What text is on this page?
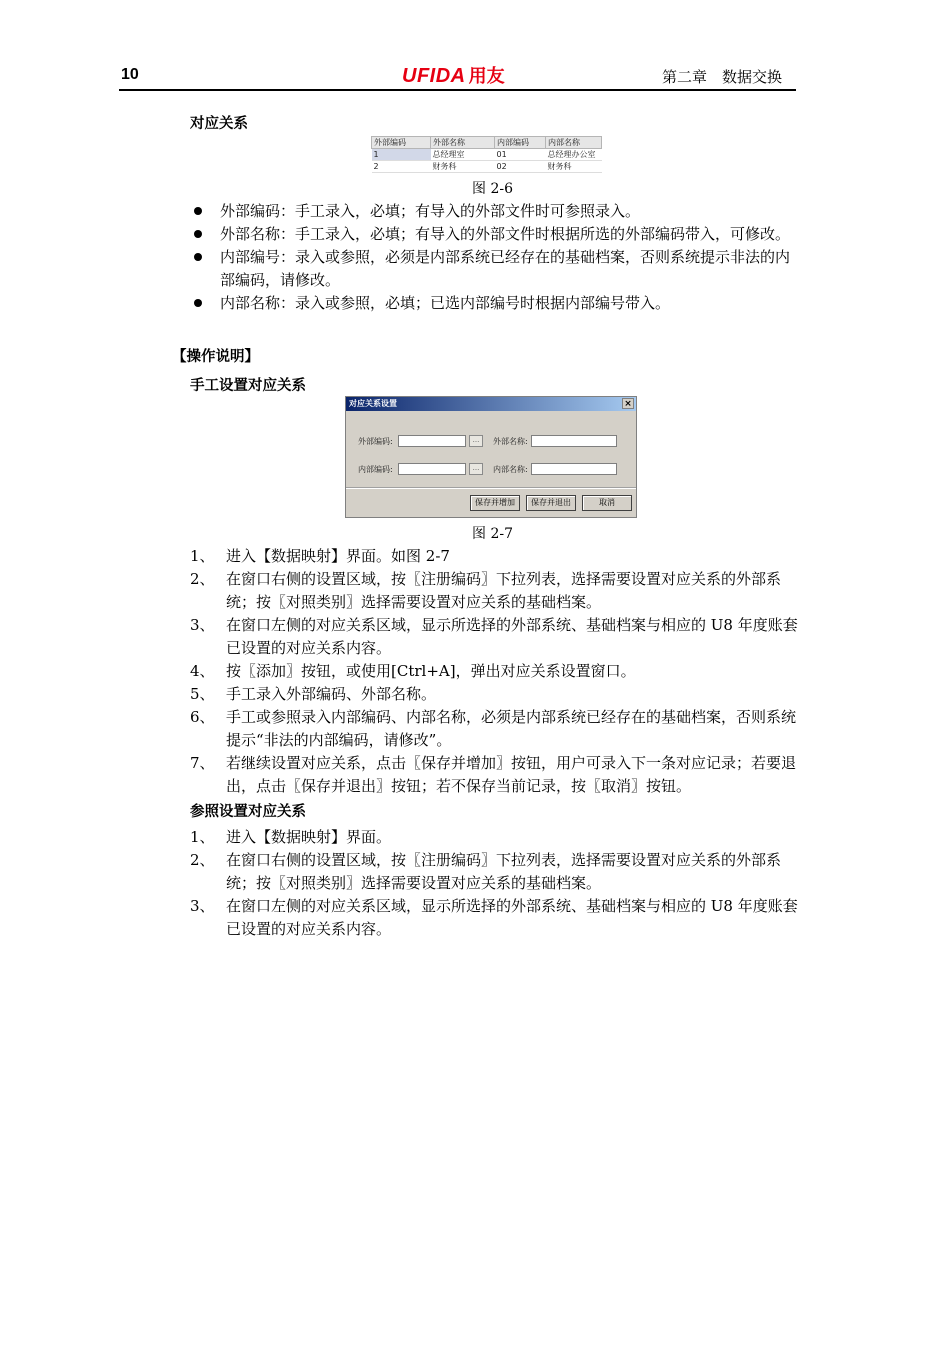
10	UFIDA 用友	第二章　数据交换
对应关系
外部编码	外部名称	内部编码	内部名称
1	总经理室	01	总经理办公室
2	财务科	02	财务科
图 2-6
外部编码：手工录入，必填；有导入的外部文件时可参照录入。
外部名称：手工录入，必填；有导入的外部文件时根据所选的外部编码带入，可修改。
内部编号：录入或参照，必须是内部系统已经存在的基础档案，否则系统提示非法的内部编码，请修改。
内部名称：录入或参照，必填；已选内部编号时根据内部编号带入。
【操作说明】
手工设置对应关系
对应关系设置	×
外部编码:	...	外部名称:
内部编码:	...	内部名称:
保存并增加	保存并退出	取消
图 2-7
1、 进入【数据映射】界面。如图 2-7
2、 在窗口右侧的设置区域，按〖注册编码〗下拉列表，选择需要设置对应关系的外部系统；按〖对照类别〗选择需要设置对应关系的基础档案。
3、 在窗口左侧的对应关系区域，显示所选择的外部系统、基础档案与相应的 U8 年度账套已设置的对应关系内容。
4、 按〖添加〗按钮，或使用[Ctrl+A]，弹出对应关系设置窗口。
5、 手工录入外部编码、外部名称。
6、 手工或参照录入内部编码、内部名称，必须是内部系统已经存在的基础档案，否则系统提示“非法的内部编码，请修改”。
7、 若继续设置对应关系，点击〖保存并增加〗按钮，用户可录入下一条对应记录；若要退出，点击〖保存并退出〗按钮；若不保存当前记录，按〖取消〗按钮。
参照设置对应关系
1、 进入【数据映射】界面。
2、 在窗口右侧的设置区域，按〖注册编码〗下拉列表，选择需要设置对应关系的外部系统；按〖对照类别〗选择需要设置对应关系的基础档案。
3、 在窗口左侧的对应关系区域，显示所选择的外部系统、基础档案与相应的 U8 年度账套已设置的对应关系内容。
